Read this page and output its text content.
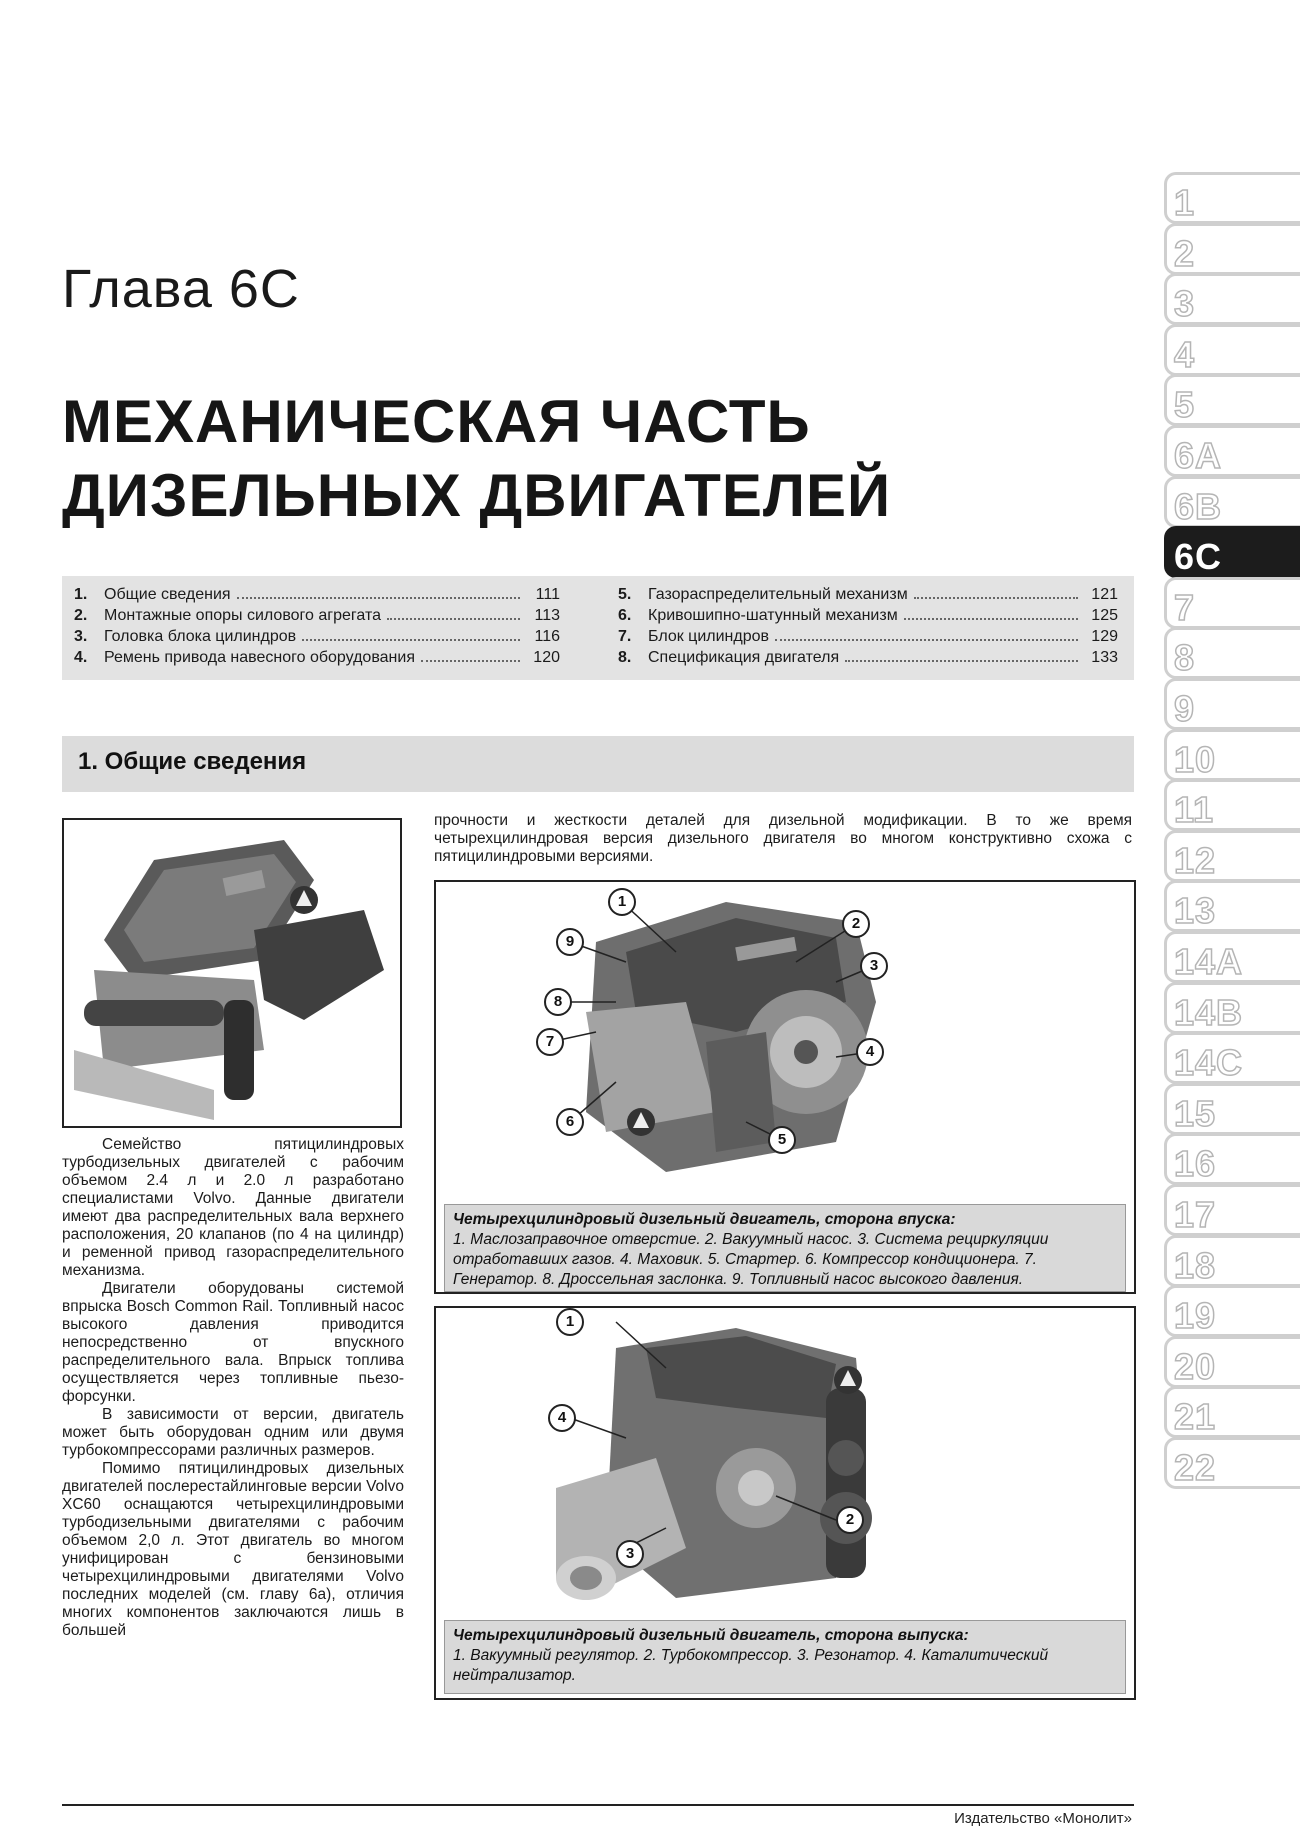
Глава 6C
МЕХАНИЧЕСКАЯ ЧАСТЬ
ДИЗЕЛЬНЫХ ДВИГАТЕЛЕЙ
1.	Общие сведения	111
2.	Монтажные опоры силового агрегата	113
3.	Головка блока цилиндров	116
4.	Ремень привода навесного оборудования	120
5.	Газораспределительный механизм	121
6.	Кривошипно-шатунный механизм	125
7.	Блок цилиндров	129
8.	Спецификация двигателя	133
1. Общие сведения

прочности и жесткости деталей для дизельной модификации. В то же время четырехцилиндровая версия дизельного двигателя во многом конструктивно схожа с пятицилиндровыми версиями.

1
2
3
4
5
6
7
8
9
Четырехцилиндровый дизельный двигатель, сторона впуска:
1. Маслозаправочное отверстие. 2. Вакуумный насос. 3. Система рециркуляции отработавших газов. 4. Маховик. 5. Стартер. 6. Компрессор кондиционера. 7. Генератор. 8. Дроссельная заслонка. 9. Топливный насос высокого давления.
1
2
3
4
Четырехцилиндровый дизельный двигатель, сторона выпуска:
1. Вакуумный регулятор. 2. Турбокомпрессор. 3. Резонатор. 4. Каталитический нейтрализатор.

Семейство пятицилиндровых турбодизельных двигателей с рабочим объемом 2.4 л и 2.0 л разработано специалистами Volvo. Данные двигатели имеют два распределительных вала верхнего расположения, 20 клапанов (по 4 на цилиндр) и ременной привод газораспределительного механизма.

Двигатели оборудованы системой впрыска Bosch Common Rail. Топливный насос высокого давления приводится непосредственно от впускного распределительного вала. Впрыск топлива осуществляется через топливные пьезо-форсунки.

В зависимости от версии, двигатель может быть оборудован одним или двумя турбокомпрессорами различных размеров.

Помимо пятицилиндровых дизельных двигателей послерестайлинговые версии Volvo XC60 оснащаются четырехцилиндровыми турбодизельными двигателями с рабочим объемом 2,0 л. Этот двигатель во многом унифицирован с бензиновыми четырехцилиндровыми двигателями Volvo последних моделей (см. главу 6а), отличия многих компонентов заключаются лишь в большей

Издательство «Монолит»
1
2
3
4
5
6A
6B
6C
7
8
9
10
11
12
13
14A
14B
14C
15
16
17
18
19
20
21
22
